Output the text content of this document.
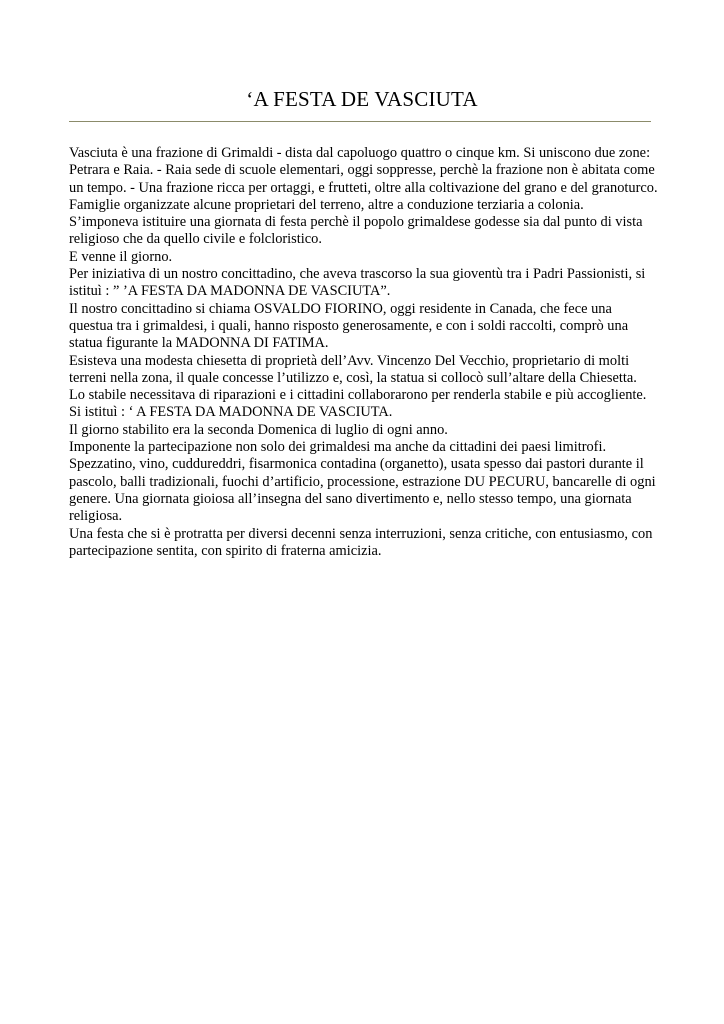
‘A FESTA DE VASCIUTA

Vasciuta è una frazione di Grimaldi - dista dal capoluogo quattro o cinque km. Si uniscono due zone: Petrara e Raia. - Raia sede di scuole elementari, oggi soppresse, perchè la frazione non è abitata come un tempo. - Una frazione ricca per ortaggi, e frutteti, oltre alla coltivazione del grano e del granoturco.

Famiglie organizzate alcune proprietari del terreno, altre a conduzione terziaria a colonia.

S’imponeva istituire una giornata di festa perchè il popolo grimaldese godesse sia dal punto di vista religioso che da quello civile e folcloristico.

E venne il giorno.

Per iniziativa di un nostro concittadino, che aveva trascorso la sua gioventù tra i Padri Passionisti, si istituì : ” ’A FESTA DA MADONNA DE VASCIUTA”.

Il nostro concittadino si chiama OSVALDO FIORINO, oggi residente in Canada, che fece una questua tra i grimaldesi, i quali, hanno risposto generosamente, e con i soldi raccolti, comprò una statua figurante la MADONNA DI FATIMA.

Esisteva una modesta chiesetta di proprietà dell’Avv. Vincenzo Del Vecchio, proprietario di molti terreni nella zona, il quale concesse l’utilizzo e, così, la statua si collocò sull’altare della Chiesetta.

Lo stabile necessitava di riparazioni e i cittadini collaborarono per renderla stabile e più accogliente.

Si istituì : ‘ A FESTA DA MADONNA DE VASCIUTA.

Il giorno stabilito era la seconda Domenica di luglio di ogni anno.

Imponente la partecipazione non solo dei grimaldesi ma anche da cittadini dei paesi limitrofi.

Spezzatino, vino, cuddureddri, fisarmonica contadina (organetto), usata spesso dai pastori durante il pascolo, balli tradizionali, fuochi d’artificio, processione, estrazione DU PECURU, bancarelle di ogni genere. Una giornata gioiosa all’insegna del sano divertimento e, nello stesso tempo, una giornata religiosa.

Una festa che si è protratta per diversi decenni senza interruzioni, senza critiche, con entusiasmo, con partecipazione sentita, con spirito di fraterna amicizia.
